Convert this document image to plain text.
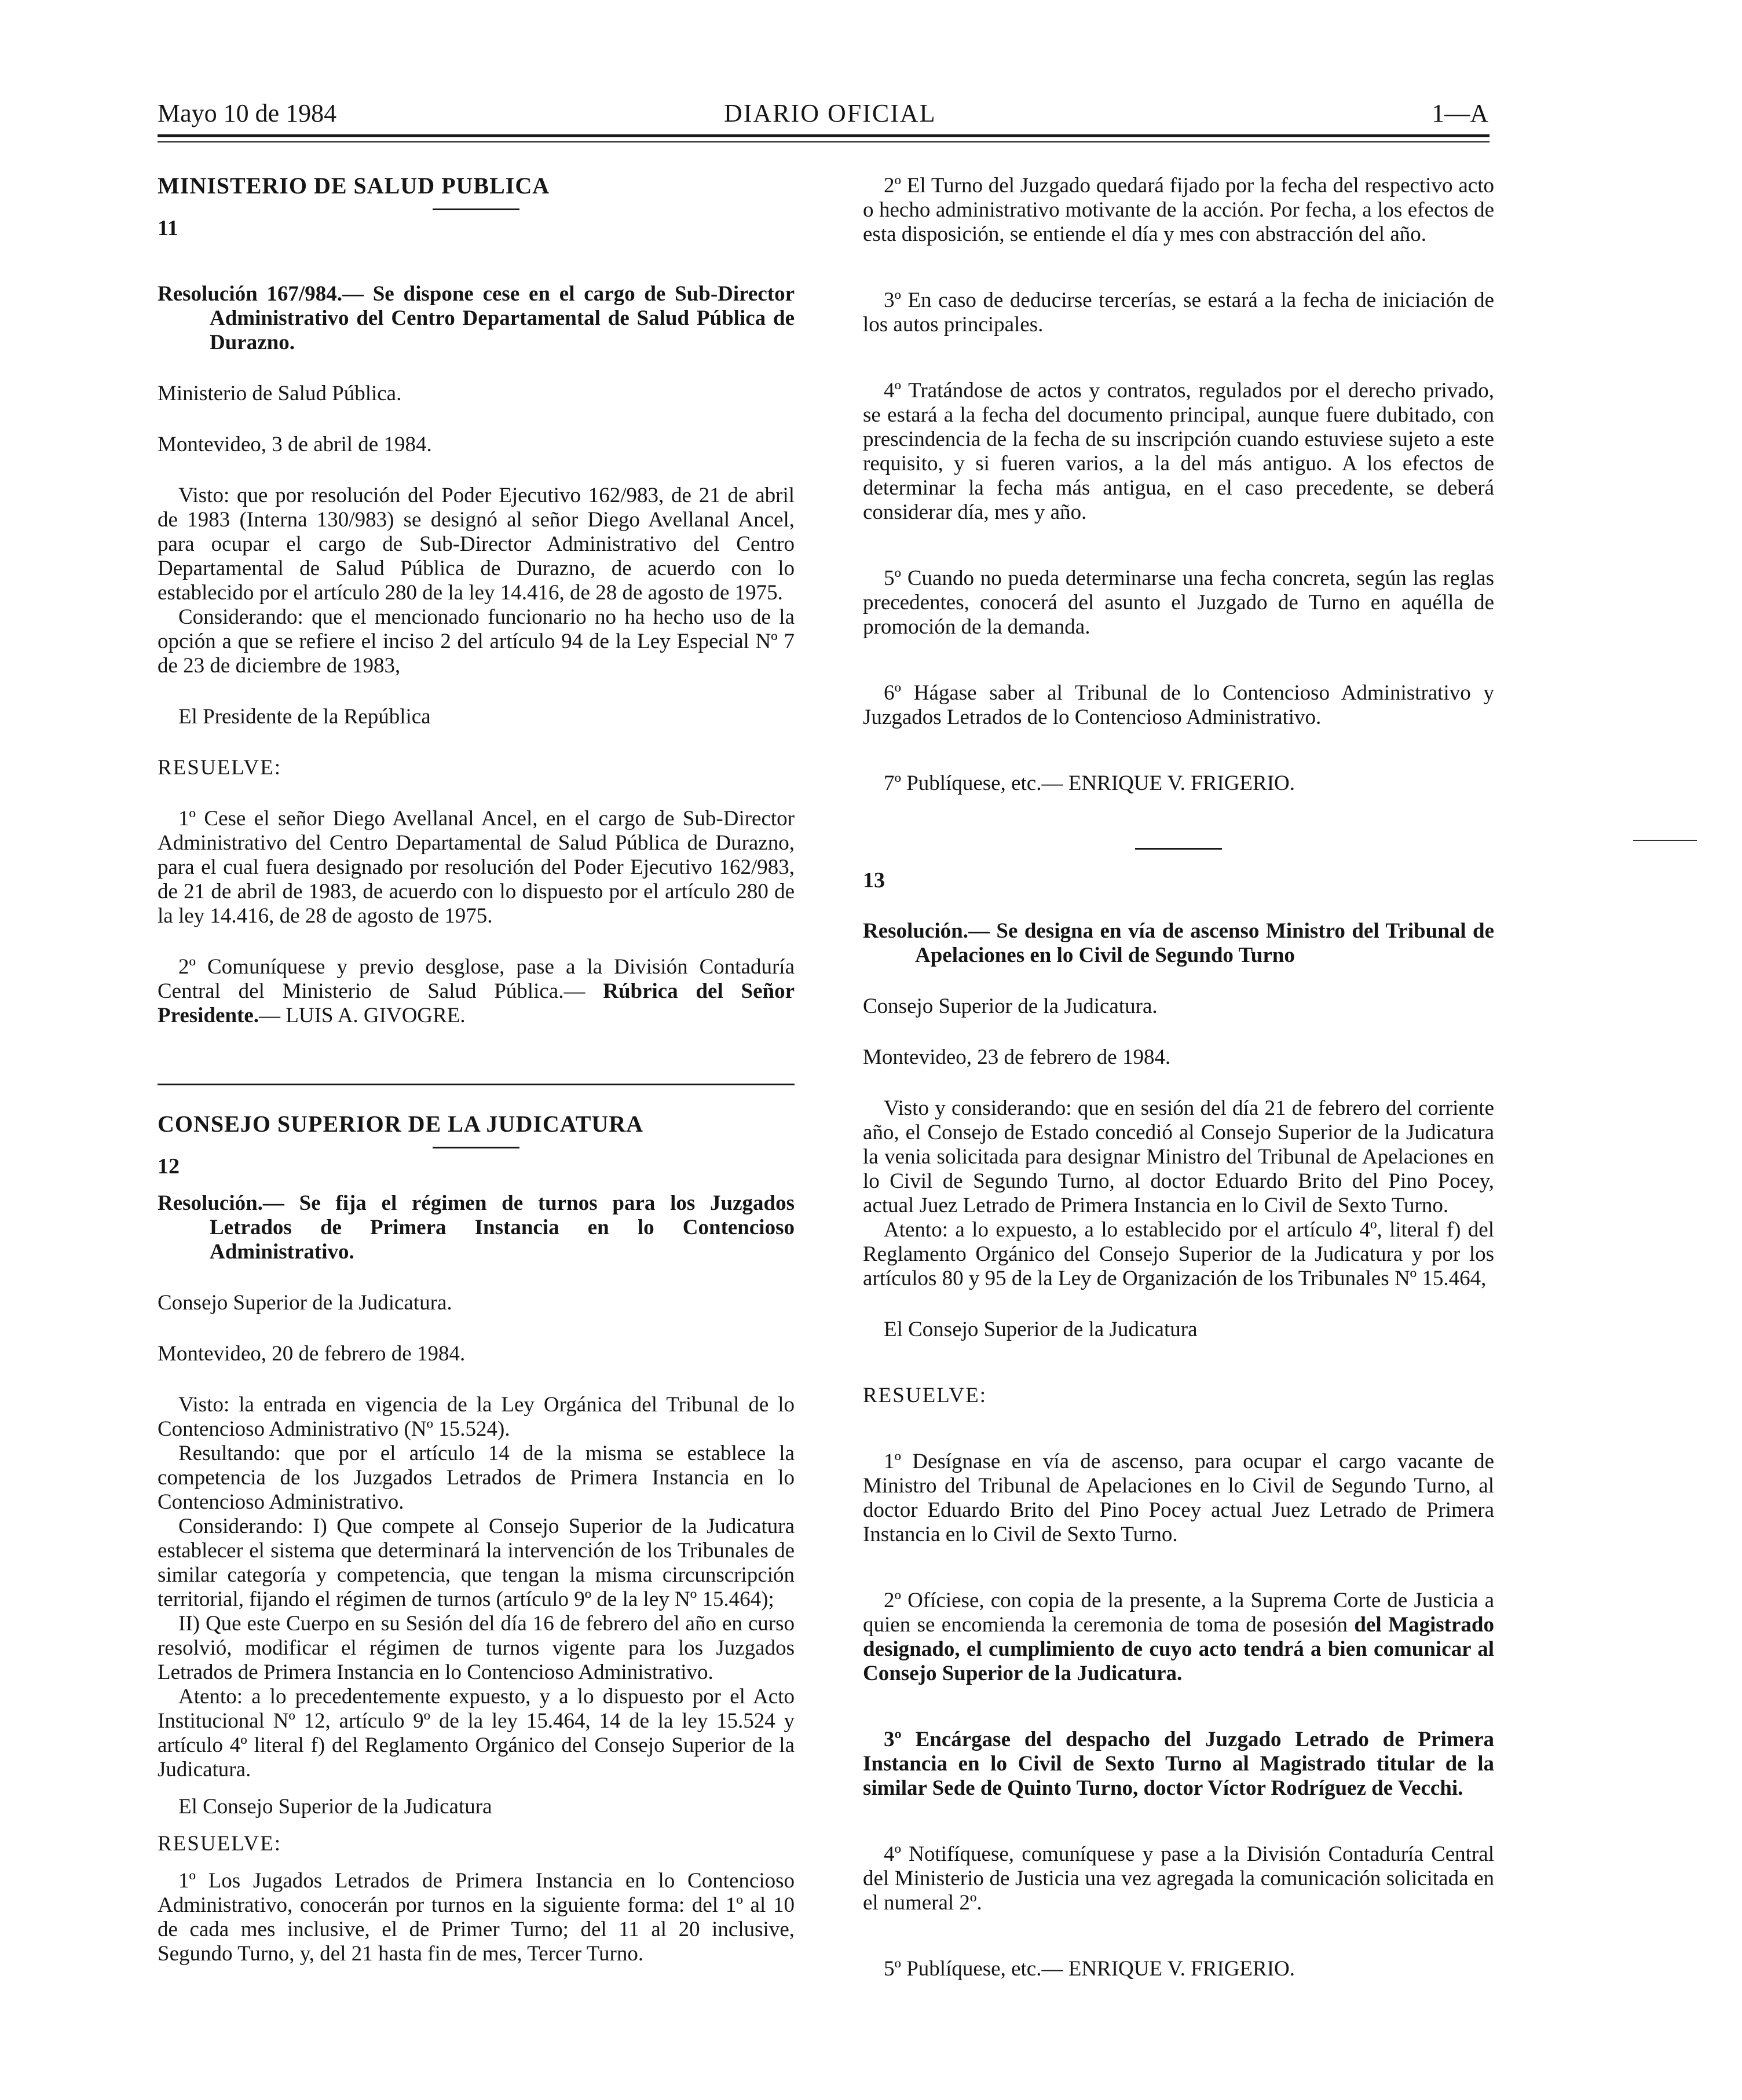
Mayo 10 de 1984	DIARIO OFICIAL	1—A

MINISTERIO DE SALUD PUBLICA

11

Resolución 167/984.— Se dispone cese en el cargo de Sub-Director Administrativo del Centro Departamental de Salud Pública de Durazno.

Ministerio de Salud Pública.

Montevideo, 3 de abril de 1984.

Visto: que por resolución del Poder Ejecutivo 162/983, de 21 de abril de 1983 (Interna 130/983) se designó al señor Diego Avellanal Ancel, para ocupar el cargo de Sub-Director Administrativo del Centro Departamental de Salud Pública de Durazno, de acuerdo con lo establecido por el artículo 280 de la ley 14.416, de 28 de agosto de 1975.

Considerando: que el mencionado funcionario no ha hecho uso de la opción a que se refiere el inciso 2 del artículo 94 de la Ley Especial Nº 7 de 23 de diciembre de 1983,

El Presidente de la República

RESUELVE:

1º Cese el señor Diego Avellanal Ancel, en el cargo de Sub-Director Administrativo del Centro Departamental de Salud Pública de Durazno, para el cual fuera designado por resolución del Poder Ejecutivo 162/983, de 21 de abril de 1983, de acuerdo con lo dispuesto por el artículo 280 de la ley 14.416, de 28 de agosto de 1975.

2º Comuníquese y previo desglose, pase a la División Contaduría Central del Ministerio de Salud Pública.— Rúbrica del Señor Presidente.— LUIS A. GIVOGRE.

CONSEJO SUPERIOR DE LA JUDICATURA

12

Resolución.— Se fija el régimen de turnos para los Juzgados Letrados de Primera Instancia en lo Contencioso Administrativo.

Consejo Superior de la Judicatura.

Montevideo, 20 de febrero de 1984.

Visto: la entrada en vigencia de la Ley Orgánica del Tribunal de lo Contencioso Administrativo (Nº 15.524).

Resultando: que por el artículo 14 de la misma se establece la competencia de los Juzgados Letrados de Primera Instancia en lo Contencioso Administrativo.

Considerando: I) Que compete al Consejo Superior de la Judicatura establecer el sistema que determinará la intervención de los Tribunales de similar categoría y competencia, que tengan la misma circunscripción territorial, fijando el régimen de turnos (artículo 9º de la ley Nº 15.464);

II) Que este Cuerpo en su Sesión del día 16 de febrero del año en curso resolvió, modificar el régimen de turnos vigente para los Juzgados Letrados de Primera Instancia en lo Contencioso Administrativo.

Atento: a lo precedentemente expuesto, y a lo dispuesto por el Acto Institucional Nº 12, artículo 9º de la ley 15.464, 14 de la ley 15.524 y artículo 4º literal f) del Reglamento Orgánico del Consejo Superior de la Judicatura.

El Consejo Superior de la Judicatura

RESUELVE:

1º Los Jugados Letrados de Primera Instancia en lo Contencioso Administrativo, conocerán por turnos en la siguiente forma: del 1º al 10 de cada mes inclusive, el de Primer Turno; del 11 al 20 inclusive, Segundo Turno, y, del 21 hasta fin de mes, Tercer Turno.

2º El Turno del Juzgado quedará fijado por la fecha del respectivo acto o hecho administrativo motivante de la acción. Por fecha, a los efectos de esta disposición, se entiende el día y mes con abstracción del año.

3º En caso de deducirse tercerías, se estará a la fecha de iniciación de los autos principales.

4º Tratándose de actos y contratos, regulados por el derecho privado, se estará a la fecha del documento principal, aunque fuere dubitado, con prescindencia de la fecha de su inscripción cuando estuviese sujeto a este requisito, y si fueren varios, a la del más antiguo. A los efectos de determinar la fecha más antigua, en el caso precedente, se deberá considerar día, mes y año.

5º Cuando no pueda determinarse una fecha concreta, según las reglas precedentes, conocerá del asunto el Juzgado de Turno en aquélla de promoción de la demanda.

6º Hágase saber al Tribunal de lo Contencioso Administrativo y Juzgados Letrados de lo Contencioso Administrativo.

7º Publíquese, etc.— ENRIQUE V. FRIGERIO.

13

Resolución.— Se designa en vía de ascenso Ministro del Tribunal de Apelaciones en lo Civil de Segundo Turno

Consejo Superior de la Judicatura.

Montevideo, 23 de febrero de 1984.

Visto y considerando: que en sesión del día 21 de febrero del corriente año, el Consejo de Estado concedió al Consejo Superior de la Judicatura la venia solicitada para designar Ministro del Tribunal de Apelaciones en lo Civil de Segundo Turno, al doctor Eduardo Brito del Pino Pocey, actual Juez Letrado de Primera Instancia en lo Civil de Sexto Turno.

Atento: a lo expuesto, a lo establecido por el artículo 4º, literal f) del Reglamento Orgánico del Consejo Superior de la Judicatura y por los artículos 80 y 95 de la Ley de Organización de los Tribunales Nº 15.464,

El Consejo Superior de la Judicatura

RESUELVE:

1º Desígnase en vía de ascenso, para ocupar el cargo vacante de Ministro del Tribunal de Apelaciones en lo Civil de Segundo Turno, al doctor Eduardo Brito del Pino Pocey actual Juez Letrado de Primera Instancia en lo Civil de Sexto Turno.

2º Ofíciese, con copia de la presente, a la Suprema Corte de Justicia a quien se encomienda la ceremonia de toma de posesión del Magistrado designado, el cumplimiento de cuyo acto tendrá a bien comunicar al Consejo Superior de la Judicatura.

3º Encárgase del despacho del Juzgado Letrado de Primera Instancia en lo Civil de Sexto Turno al Magistrado titular de la similar Sede de Quinto Turno, doctor Víctor Rodríguez de Vecchi.

4º Notifíquese, comuníquese y pase a la División Contaduría Central del Ministerio de Justicia una vez agregada la comunicación solicitada en el numeral 2º.

5º Publíquese, etc.— ENRIQUE V. FRIGERIO.
